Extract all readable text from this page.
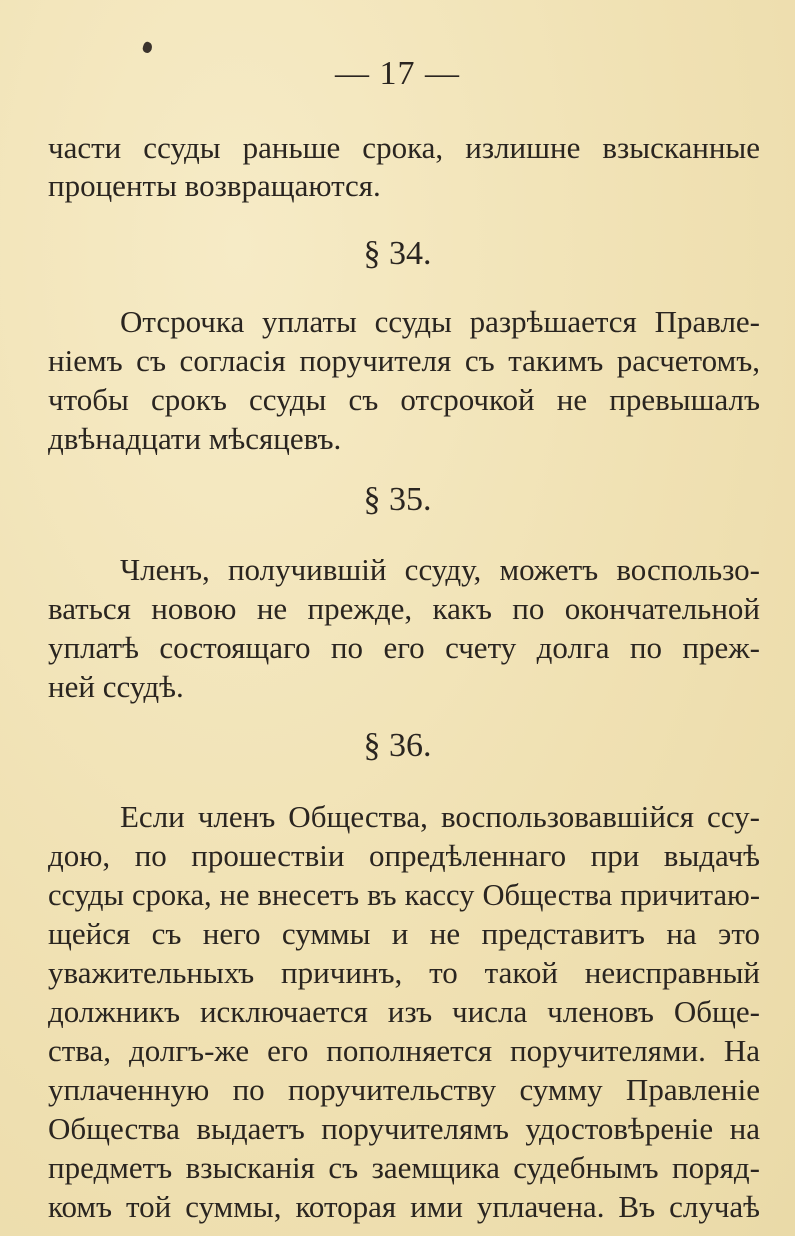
— 17 —
части ссуды раньше срока, излишне взысканные
проценты возвращаются.
§ 34.
Отсрочка уплаты ссуды разрѣшается Правле-
ніемъ съ согласія поручителя съ такимъ расчетомъ,
чтобы срокъ ссуды съ отсрочкой не превышалъ
двѣнадцати мѣсяцевъ.
§ 35.
Членъ, получившій ссуду, можетъ воспользо-
ваться новою не прежде, какъ по окончательной
уплатѣ состоящаго по его счету долга по преж-
ней ссудѣ.
§ 36.
Если членъ Общества, воспользовавшійся ссу-
дою, по прошествіи опредѣленнаго при выдачѣ
ссуды срока, не внесетъ въ кассу Общества причитаю-
щейся съ него суммы и не представитъ на это
уважительныхъ причинъ, то такой неисправный
должникъ исключается изъ числа членовъ Обще-
ства, долгъ-же его пополняется поручителями. На
уплаченную по поручительству сумму Правленіе
Общества выдаетъ поручителямъ удостовѣреніе на
предметъ взысканія съ заемщика судебнымъ поряд-
комъ той суммы, которая ими уплачена. Въ случаѣ
